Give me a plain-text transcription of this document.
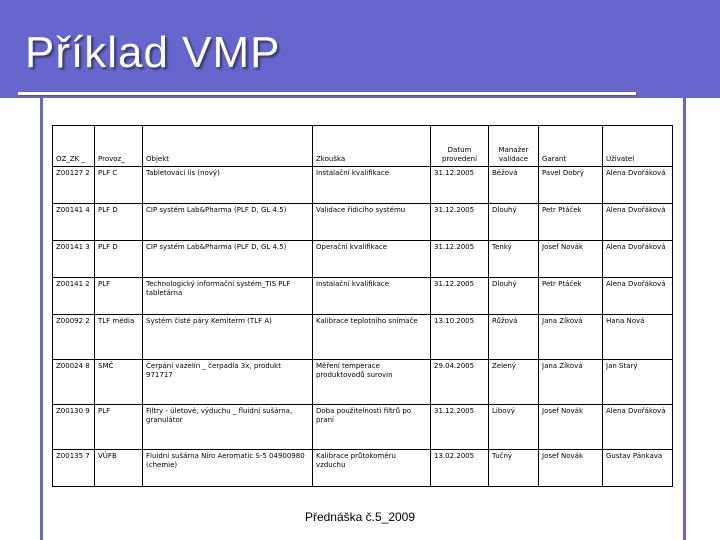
Příklad VMP
OZ_ZK _	Provoz_	Objekt	Zkouška	Datum provedení	Manažer validace	Garant	Uživatel
Z00127 2	PLF C	Tabletovací lis (nový)	Instalační kvalifikace	31.12.2005	Běžová	Pavel Dobrý	Alena Dvořáková
Z00141 4	PLF D	CIP systém Lab&Pharma (PLF D, GL 4.5)	Validace řídicího systému	31.12.2005	Dlouhý	Petr Ptáček	Alena Dvořáková
Z00141 3	PLF D	CIP systém Lab&Pharma (PLF D, GL 4.5)	Operační kvalifikace	31.12.2005	Tenký	Josef Novák	Alena Dvořáková
Z00141 2	PLF	Technologický informační systém_TIS PLF tabletárna	Instalační kvalifikace	31.12.2005	Dlouhý	Petr Ptáček	Alena Dvořáková
Z00092 2	TLF média	Systém čisté páry Kemiterm (TLF A)	Kalibrace teplotního snímače	13.10.2005	Růžová	Jana Zíková	Hana Nová
Z00024 8	SMČ	Čerpání vazelín _ čerpadla 3x, produkt 971717	Měření temperace produktovodů surovin	29.04.2005	Zelený	Jana Zíková	Jan Starý
Z00130 9	PLF	Filtry - úletové, výduchu _ fluidní sušárna, granulátor	Doba použitelnosti filtrů po praní	31.12.2005	Libový	Josef Novák	Alena Dvořáková
Z00135 7	VÚFB	Fluidní sušárna Niro Aeromatic S-5 04900980 (chemie)	Kalibrace průtokoměru vzduchu	13.02.2005	Tučný	Josef Novák	Gustav Pánkava
Přednáška č.5_2009
